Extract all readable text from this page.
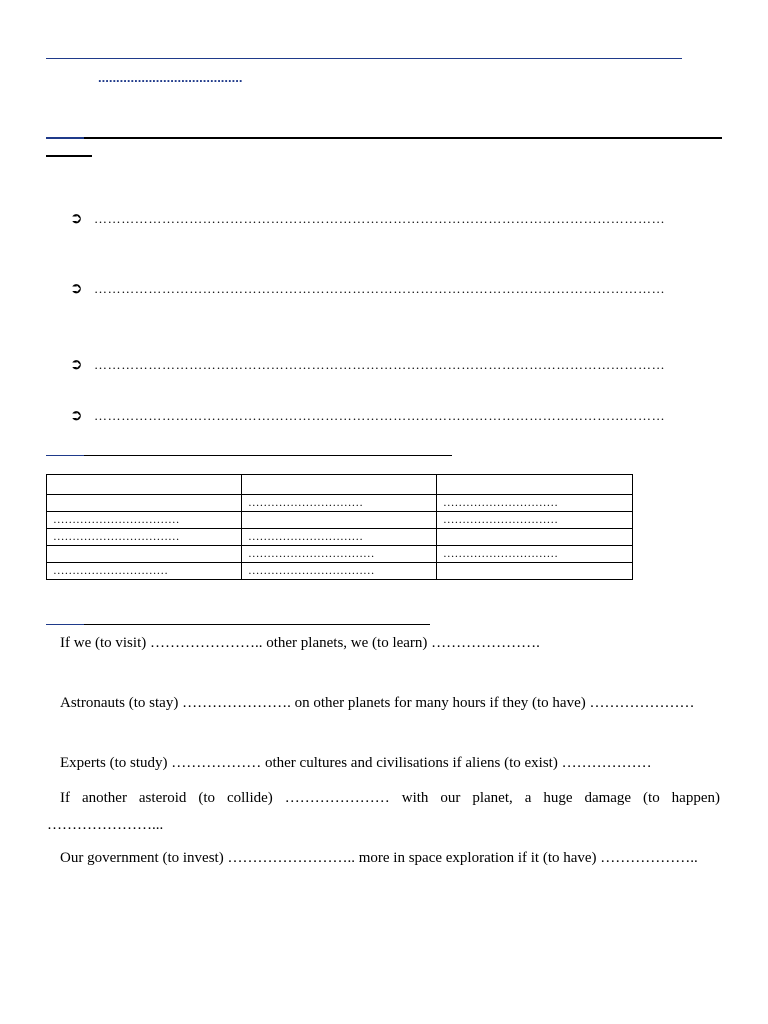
........................................
➲ ………………………………………………………………………………………………………………
➲ ………………………………………………………………………………………………………………
➲ ………………………………………………………………………………………………………………
➲ ………………………………………………………………………………………………………………

	…………………………	…………………………
……………………………		…………………………
……………………………	…………………………	
	……………………………	…………………………
…………………………	……………………………	
If we (to visit) ………………….. other planets, we (to learn) ………………….
Astronauts (to stay) …………………. on other planets for many hours if they (to have) …………………
Experts (to study) ……………… other cultures and civilisations if aliens (to exist) ………………
If another asteroid (to collide) ………………… with our planet, a huge damage (to happen)
…………………...
Our government (to invest) …………………….. more in space exploration if it (to have) ………………..
